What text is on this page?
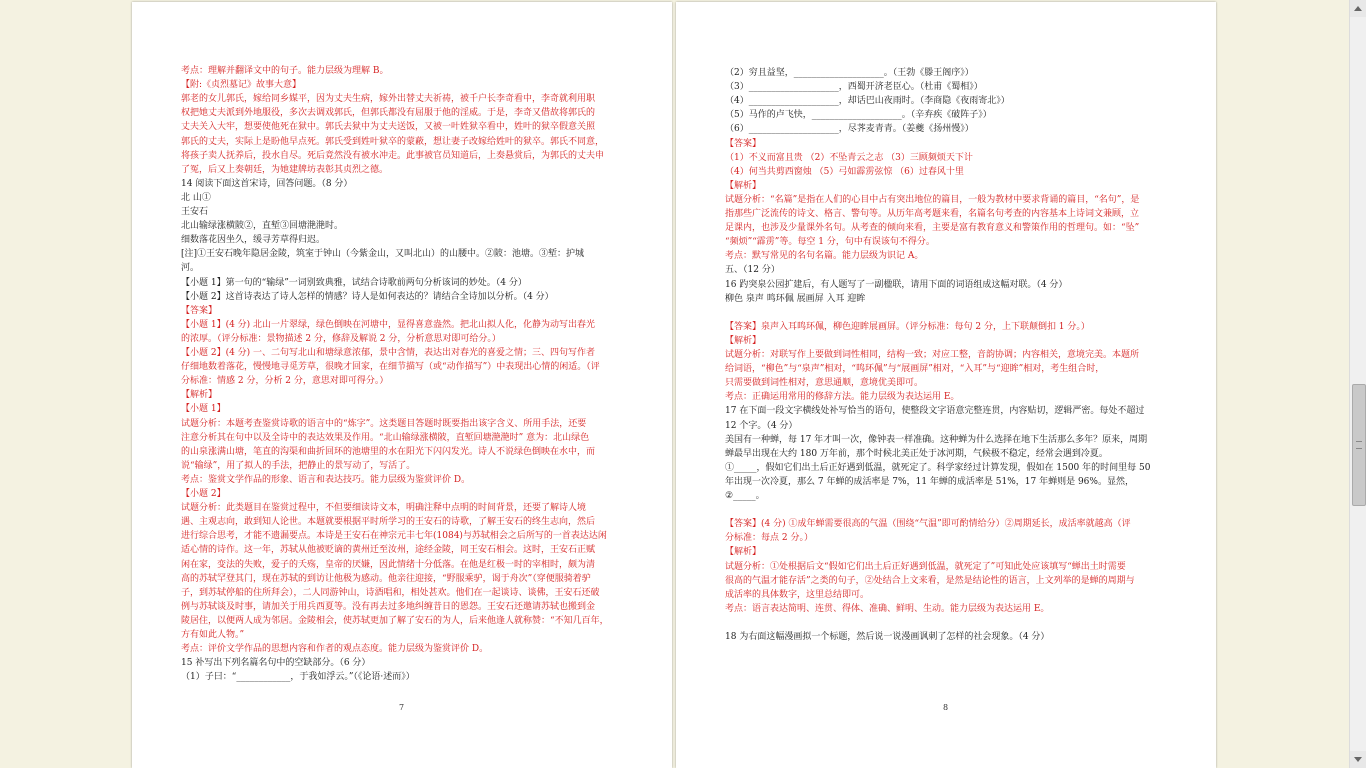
考点：理解并翻译文中的句子。能力层级为理解 B。
【附:《贞烈墓记》故事大意】
郭老的女儿郭氏，嫁给同乡媒平，因为丈夫生病，嫁外出替丈夫祈祷，被千户长李奇看中，李奇就利用职
权把她丈夫派到外地服役，多次去调戏郭氏，但郭氏都没有屈服于他的淫威。于是，李奇又借故将郭氏的
丈夫关入大牢，想要使他死在狱中。郭氏去狱中为丈夫送饭，又被一叶姓狱卒看中，姓叶的狱卒假意关照
郭氏的丈夫，实际上是盼他早点死。郭氏受到姓叶狱卒的蒙蔽，想让妻子改嫁给姓叶的狱卒。郭氏不同意，
将孩子卖人抚养后，投水自尽。死后竟然没有被水冲走。此事被官员知道后，上奏悬赏后，为郭氏的丈夫申
了冤，后又上奏朝廷，为她建牌坊表彰其贞烈之德。
14 阅读下面这首宋诗，回答问题。（8 分）
北 山①
王安石
北山输绿涨横陂②，直堑③回塘滟滟时。
细数落花因坐久，缓寻芳草得归迟。
[注]①王安石晚年隐居金陵，筑室于钟山（今紫金山，又叫北山）的山腰中。②陂：池塘。③堑：护城
河。
【小题 1】第一句的“输绿”一词别致典雅，试结合诗歌前两句分析该词的妙处。（4 分）
【小题 2】这首诗表达了诗人怎样的情感？诗人是如何表达的？请结合全诗加以分析。（4 分）
【答案】
【小题 1】(4 分) 北山一片翠绿，绿色倒映在河塘中，显得喜意盎然。把北山拟人化，化静为动写出春光
的浓厚。（评分标准：景物描述 2 分，修辞及解说 2 分，分析意思对即可给分。）
【小题 2】(4 分) 一、二句写北山和塘绿意浓郁，景中含情，表达出对春光的喜爱之情；三、四句写作者
仔细地数着落花，慢慢地寻觅芳草，很晚才回家，在细节描写（或“动作描写”）中表现出心情的闲适。（评
分标准：情感 2 分，分析 2 分，意思对即可得分。）
【解析】
【小题 1】
试题分析：本题考查鉴赏诗歌的语言中的“炼字”。这类题目答题时既要指出该字含义、所用手法，还要
注意分析其在句中以及全诗中的表达效果及作用。“北山输绿涨横陂，直堑回塘滟滟时” 意为：北山绿色
的山泉涨满山塘，笔直的沟渠和曲折回环的池塘里的水在阳光下闪闪发光。诗人不说绿色倒映在水中，而
说“输绿”，用了拟人的手法，把静止的景写动了，写活了。
考点：鉴赏文学作品的形象、语言和表达技巧。能力层级为鉴赏评价 D。
【小题 2】
试题分析：此类题目在鉴赏过程中，不但要细读诗文本，明确注释中点明的时间背景，还要了解诗人境
遇、主观志向，敢到知人论世。本题就要根据平时所学习的王安石的诗歌，了解王安石的终生志向，然后
进行综合思考，才能不遗漏要点。本诗是王安石在神宗元丰七年(1084)与苏轼相会之后所写的一首表达达闲
适心情的诗作。这一年，苏轼从他被贬谪的黄州迁至汝州，途经金陵，同王安石相会。这时，王安石正赋
闲在家，变法的失败，爱子的夭殇，皇帝的厌嫌，因此情绪十分低落。在他是红极一时的宰相时，颇为清
高的苏轼罕登其门，现在苏轼的到访让他极为感动。他亲往迎接，“野服乘驴，谒于舟次”（穿便服骑着驴
子，到苏轼停船的住所拜会），二人同游钟山，诗酒唱和，相处甚欢。他们在一起谈诗、谈佛，王安石还破
例与苏轼谈及时事，请加关于用兵西夏等。没有再去过多地纠缠昔日的恩怨。王安石还邀请苏轼也搬到金
陵居住，以便两人成为邻居。金陵相会，使苏轼更加了解了安石的为人，后来他逢人就称赞：“不知几百年，
方有如此人物。”
考点：评价文学作品的思想内容和作者的观点态度。能力层级为鉴赏评价 D。
15 补写出下列名篇名句中的空缺部分。（6 分）
（1）子曰：“____________，于我如浮云。”（《论语·述而》）
7
（2）穷且益坚，____________________。（王勃《滕王阁序》）
（3）____________________，西蜀开济老臣心。（杜甫《蜀相》）
（4）____________________，却话巴山夜雨时。（李商隐《夜雨寄北》）
（5）马作的卢飞快，____________________。（辛弃疾《破阵子》）
（6）____________________，尽荠麦青青。（姜夔《扬州慢》）
【答案】
（1）不义而富且贵 （2）不坠青云之志 （3）三顾频烦天下计
（4）何当共剪西窗烛 （5）弓如霹雳弦惊 （6）过春风十里
【解析】
试题分析：“名篇”是指在人们的心目中占有突出地位的篇目，一般为教材中要求背诵的篇目，“名句”，是
指那些广泛流传的诗文、格言、警句等。从历年高考题来看，名篇名句考查的内容基本上诗词文兼顾，立
足课内，也涉及少量课外名句。从考查的倾向来看，主要是富有教育意义和警策作用的哲理句。如：“坠”
“频烦”“霹雳”等。每空 1 分，句中有误该句不得分。
考点：默写常见的名句名篇。能力层级为识记 A。
五、（12 分）
16 趵突泉公园扩建后，有人题写了一副楹联，请用下面的词语组成这幅对联。（4 分）
柳色 泉声 鸣环佩 展画屏 入耳 迎眸
【答案】泉声入耳鸣环佩，柳色迎眸展画屏。（评分标准：每句 2 分，上下联颠倒扣 1 分。）
【解析】
试题分析：对联写作上要做到词性相同，结构一致；对应工整，音韵协调；内容相关，意境完美。本题所
给词语，“柳色”与“泉声”相对，“鸣环佩”与“展画屏”相对，“入耳”与“迎眸”相对，考生组合时，
只需要做到词性相对，意思通顺，意境优美即可。
考点：正确运用常用的修辞方法。能力层级为表达运用 E。
17 在下面一段文字横线处补写恰当的语句，使整段文字语意完整连贯，内容贴切，逻辑严密。每处不超过
12 个字。（4 分）
美国有一种蝉，每 17 年才叫一次，像钟表一样准确。这种蝉为什么选择在地下生活那么多年？原来，周期
蝉最早出现在大约 180 万年前，那个时候北美正处于冰河期，气候极不稳定，经常会遇到冷夏。
①_____，假如它们出土后正好遇到低温，就死定了。科学家经过计算发现，假如在 1500 年的时间里每 50
年出现一次冷夏，那么 7 年蝉的成活率是 7%，11 年蝉的成活率是 51%，17 年蝉则是 96%。显然，
②_____。
【答案】(4 分) ①成年蝉需要很高的气温（围绕“气温”即可酌情给分）②周期延长，成活率就越高（评
分标准：每点 2 分。）
【解析】
试题分析：①处根据后文“假如它们出土后正好遇到低温，就死定了”可知此处应该填写“蝉出土时需要
很高的气温才能存活”之类的句子，②处结合上文来看，是然是结论性的语言，上文列举的是蝉的周期与
成活率的具体数字，这里总结即可。
考点：语言表达简明、连贯、得体、准确、鲜明、生动。能力层级为表达运用 E。
18 为右面这幅漫画拟一个标题，然后说一说漫画讽刺了怎样的社会现象。（4 分）
8
